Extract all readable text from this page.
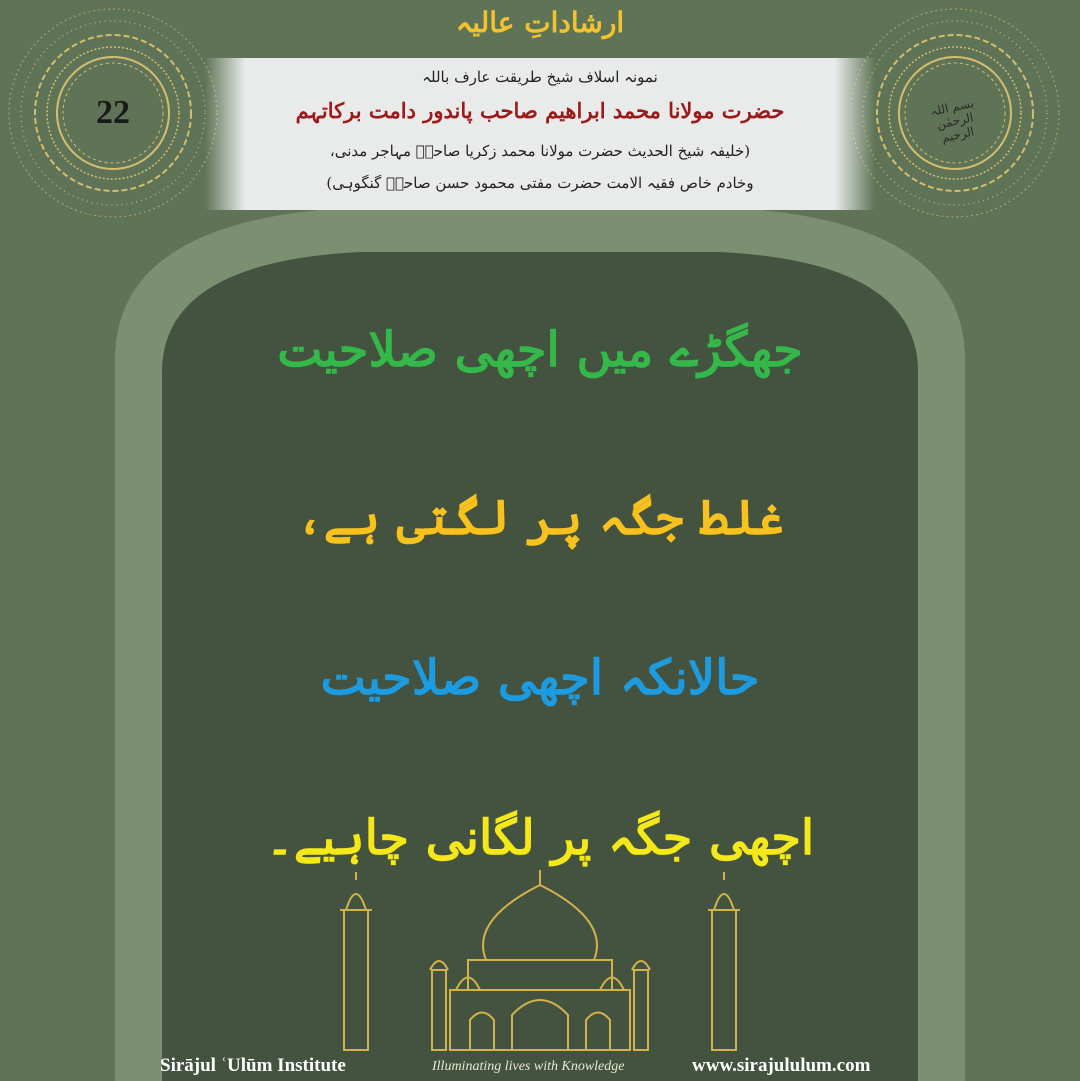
ارشاداتِ عالیہ
22	بسم اللہ الرحمٰن الرحیم
نمونہ اسلاف شیخ طریقت عارف باللہ
حضرت مولانا محمد ابراھیم صاحب پاندور دامت برکاتہم
(خلیفہ شیخ الحدیث حضرت مولانا محمد زکریا صاحبؒ مہاجر مدنی،
وخادم خاص فقیہ الامت حضرت مفتی محمود حسن صاحبؒ گنگوہی)
جھگڑے میں اچھی صلاحیت
غلط جگہ پر لگتی ہے،
حالانکہ اچھی صلاحیت
اچھی جگہ پر لگانی چاہیے۔
Sirājul ʿUlūm Institute	Illuminating lives with Knowledge	www.sirajululum.com
